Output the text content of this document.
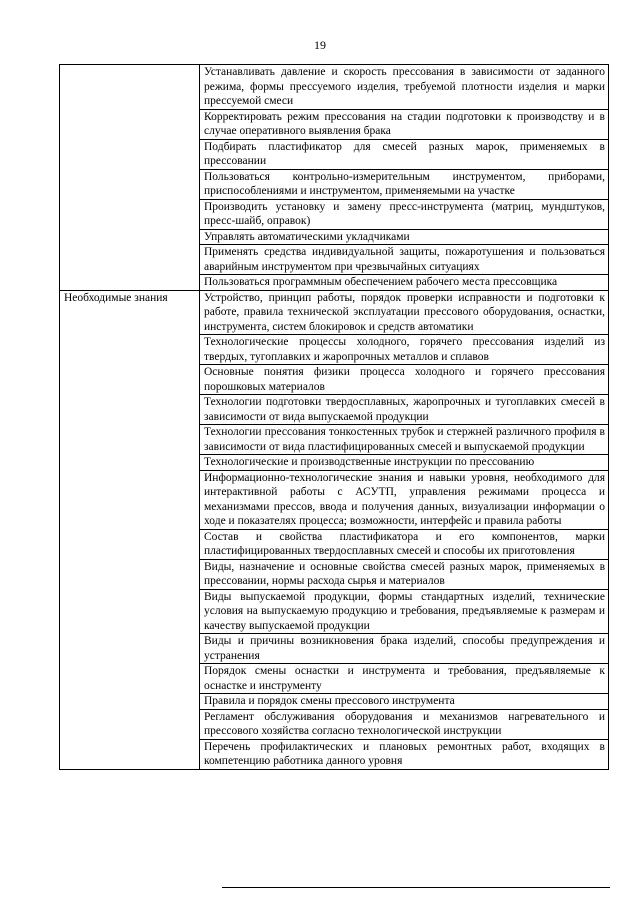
19
	Устанавливать давление и скорость прессования в зависимости от заданного режима, формы прессуемого изделия, требуемой плотности изделия и марки прессуемой смеси
	Корректировать режим прессования на стадии подготовки к производству и в случае оперативного выявления брака
	Подбирать пластификатор для смесей разных марок, применяемых в прессовании
	Пользоваться контрольно-измерительным инструментом, приборами, приспособлениями и инструментом, применяемыми на участке
	Производить установку и замену пресс-инструмента (матриц, мундштуков, пресс-шайб, оправок)
	Управлять автоматическими укладчиками
	Применять средства индивидуальной защиты, пожаротушения и пользоваться аварийным инструментом при чрезвычайных ситуациях
	Пользоваться программным обеспечением рабочего места прессовщика
Необходимые знания	Устройство, принцип работы, порядок проверки исправности и подготовки к работе, правила технической эксплуатации прессового оборудования, оснастки, инструмента, систем блокировок и средств автоматики
	Технологические процессы холодного, горячего прессования изделий из твердых, тугоплавких и жаропрочных металлов и сплавов
	Основные понятия физики процесса холодного и горячего прессования порошковых материалов
	Технологии подготовки твердосплавных, жаропрочных и тугоплавких смесей в зависимости от вида выпускаемой продукции
	Технологии прессования тонкостенных трубок и стержней различного профиля в зависимости от вида пластифицированных смесей и выпускаемой продукции
	Технологические и производственные инструкции по прессованию
	Информационно-технологические знания и навыки уровня, необходимого для интерактивной работы с АСУТП, управления режимами процесса и механизмами прессов, ввода и получения данных, визуализации информации о ходе и показателях процесса; возможности, интерфейс и правила работы
	Состав и свойства пластификатора и его компонентов, марки пластифицированных твердосплавных смесей и способы их приготовления
	Виды, назначение и основные свойства смесей разных марок, применяемых в прессовании, нормы расхода сырья и материалов
	Виды выпускаемой продукции, формы стандартных изделий, технические условия на выпускаемую продукцию и требования, предъявляемые к размерам и качеству выпускаемой продукции
	Виды и причины возникновения брака изделий, способы предупреждения и устранения
	Порядок смены оснастки и инструмента и требования, предъявляемые к оснастке и инструменту
	Правила и порядок смены прессового инструмента
	Регламент обслуживания оборудования и механизмов нагревательного и прессового хозяйства согласно технологической инструкции
	Перечень профилактических и плановых ремонтных работ, входящих в компетенцию работника данного уровня
